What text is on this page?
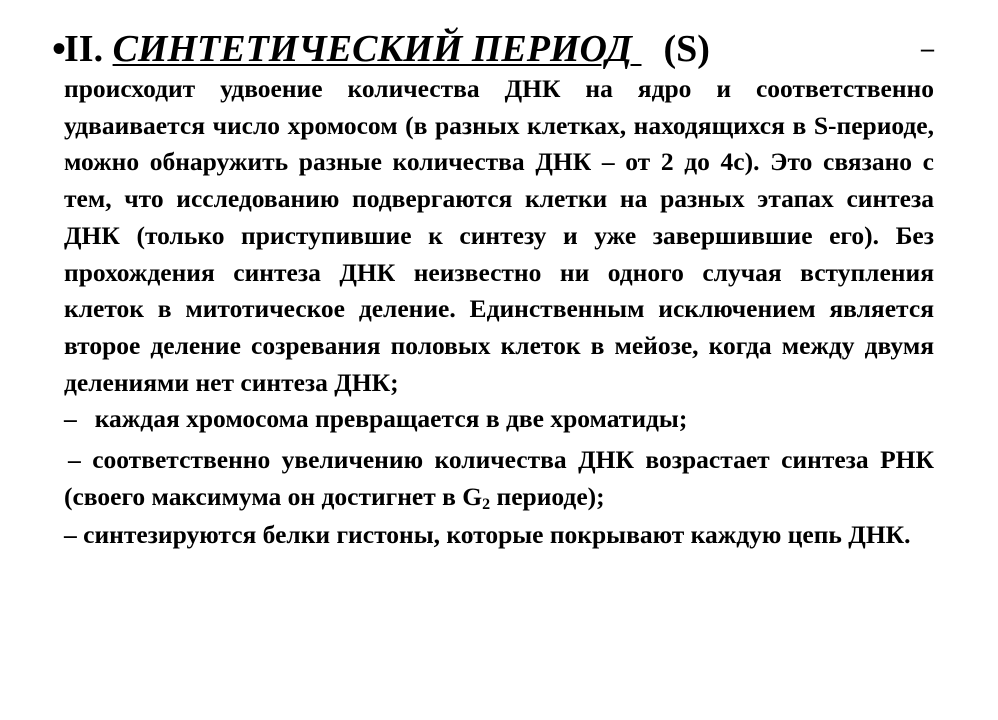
•II. СИНТЕТИЧЕСКИЙ ПЕРИОД (S)	–
происходит удвоение количества ДНК на ядро и соответственно удваивается число хромосом (в разных клетках, находящихся в S-периоде, можно обнаружить разные количества ДНК – от 2 до 4с). Это связано с тем, что исследованию подвергаются клетки на разных этапах синтеза ДНК (только приступившие к синтезу и уже завершившие его). Без прохождения синтеза ДНК неизвестно ни одного случая вступления клеток в митотическое деление. Единственным исключением является второе деление созревания половых клеток в мейозе, когда между двумя делениями нет синтеза ДНК;

– каждая хромосома превращается в две хроматиды;

– соответственно увеличению количества ДНК возрастает синтеза РНК (своего максимума он достигнет в $G_2$ периоде);

– синтезируются белки гистоны, которые покрывают каждую цепь ДНК.
